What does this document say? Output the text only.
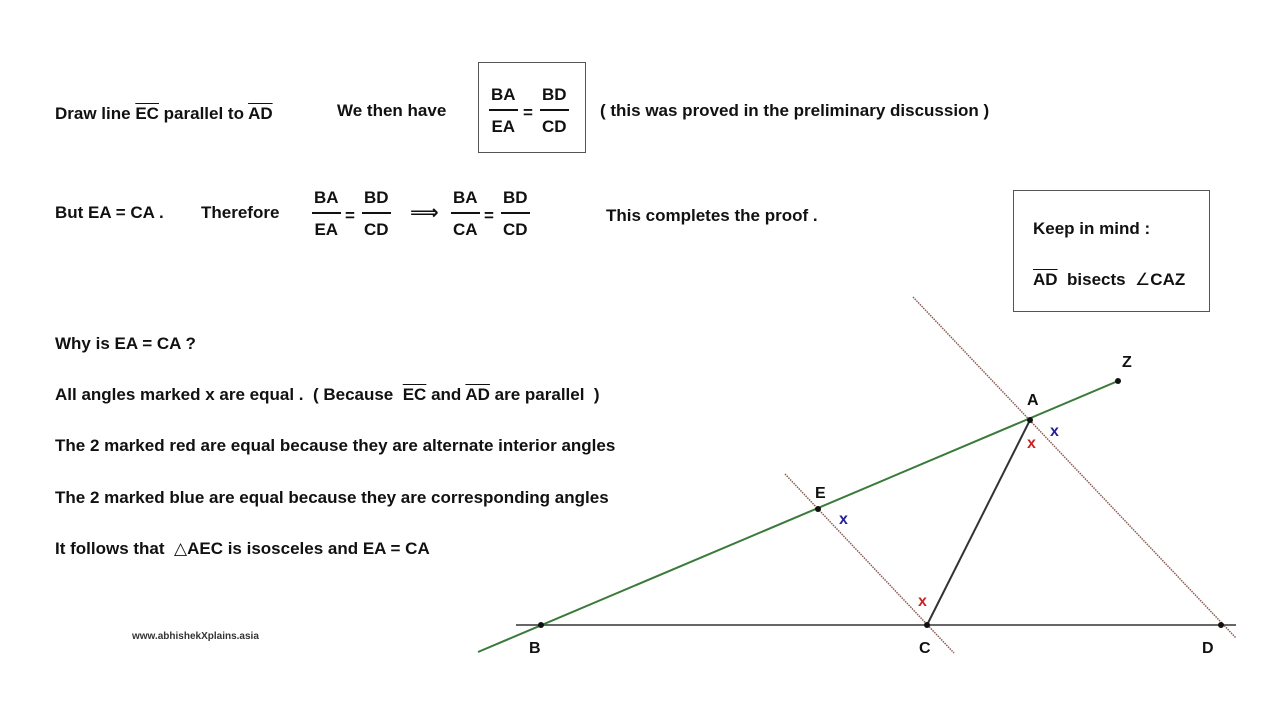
Draw line $\overline{EC}$ parallel to $\overline{AD}$	We then have	$\frac{BA}{EA} = \frac{BD}{CD}$ ( this was proved in the preliminary discussion )
But EA = CA . Therefore $\frac{BA}{EA} = \frac{BD}{CD}$ ⟹ $\frac{BA}{CA} = \frac{BD}{CD}$	This completes the proof .
Keep in mind :
$\overline{AD}$  bisects  ∠CAZ
Why is EA = CA ?
All angles marked x are equal .  ( Because  $\overline{EC}$ and $\overline{AD}$ are parallel  )
The 2 marked red are equal because they are alternate interior angles
The 2 marked blue are equal because they are corresponding angles
It follows that  △AEC is isosceles and EA = CA
www.abhishekXplains.asia
B	C	D
A
E
Z
x
x
x
x
